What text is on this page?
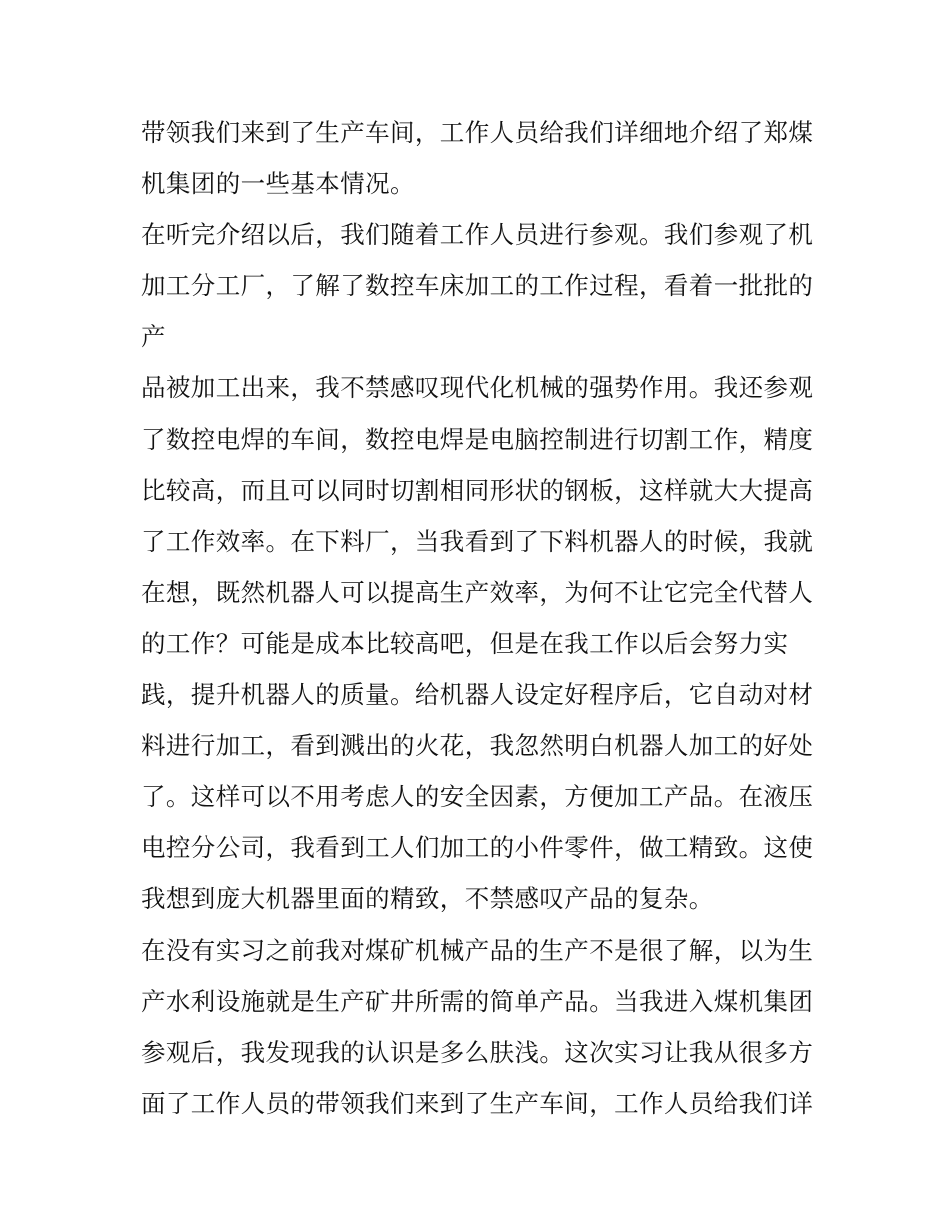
带领我们来到了生产车间，工作人员给我们详细地介绍了郑煤
机集团的一些基本情况。
在听完介绍以后，我们随着工作人员进行参观。我们参观了机
加工分工厂，了解了数控车床加工的工作过程，看着一批批的
产
品被加工出来，我不禁感叹现代化机械的强势作用。我还参观
了数控电焊的车间，数控电焊是电脑控制进行切割工作，精度
比较高，而且可以同时切割相同形状的钢板，这样就大大提高
了工作效率。在下料厂，当我看到了下料机器人的时候，我就
在想，既然机器人可以提高生产效率，为何不让它完全代替人
的工作？可能是成本比较高吧，但是在我工作以后会努力实
践，提升机器人的质量。给机器人设定好程序后，它自动对材
料进行加工，看到溅出的火花，我忽然明白机器人加工的好处
了。这样可以不用考虑人的安全因素，方便加工产品。在液压
电控分公司，我看到工人们加工的小件零件，做工精致。这使
我想到庞大机器里面的精致，不禁感叹产品的复杂。
在没有实习之前我对煤矿机械产品的生产不是很了解，以为生
产水利设施就是生产矿井所需的简单产品。当我进入煤机集团
参观后，我发现我的认识是多么肤浅。这次实习让我从很多方
面了工作人员的带领我们来到了生产车间，工作人员给我们详
